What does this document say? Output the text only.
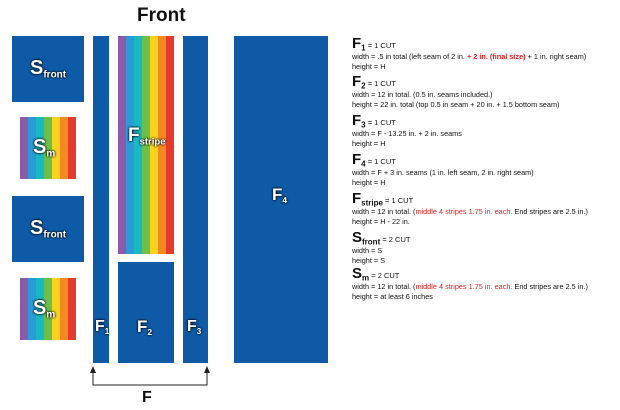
Front
$S_{front}$
$S_m$
$S_{front}$
$S_m$
$F_1$
$F_{stripe}$
$F_2$ $F_3$
$F_4$
F
$F_1 = 1$ CUT
width = .5 in total (left seam of 2 in. + 2 in. (final size) + 1 in. right seam)
height = H
$F_2 = 1$ CUT
width = 12 in total. (0.5 in. seams included.)
height = 22 in. total (top 0.5 in seam + 20 in. + 1.5 bottom seam)
$F_3 = 1$ CUT
width = F - 13.25 in. + 2 in. seams
height = H
$F_4 = 1$ CUT
width = F + 3 in. seams (1 in. left seam, 2 in. right seam)
height = H
$F_{stripe} = 1$ CUT
width = 12 in total. (middle 4 stripes 1.75 in. each. End stripes are 2.5 in.)
height = H - 22 in.
$S_{front} = 2$ CUT
width = S
height = S
$S_m = 2$ CUT
width = 12 in total. (middle 4 stripes 1.75 in. each. End stripes are 2.5 in.)
height = at least 6 inches
